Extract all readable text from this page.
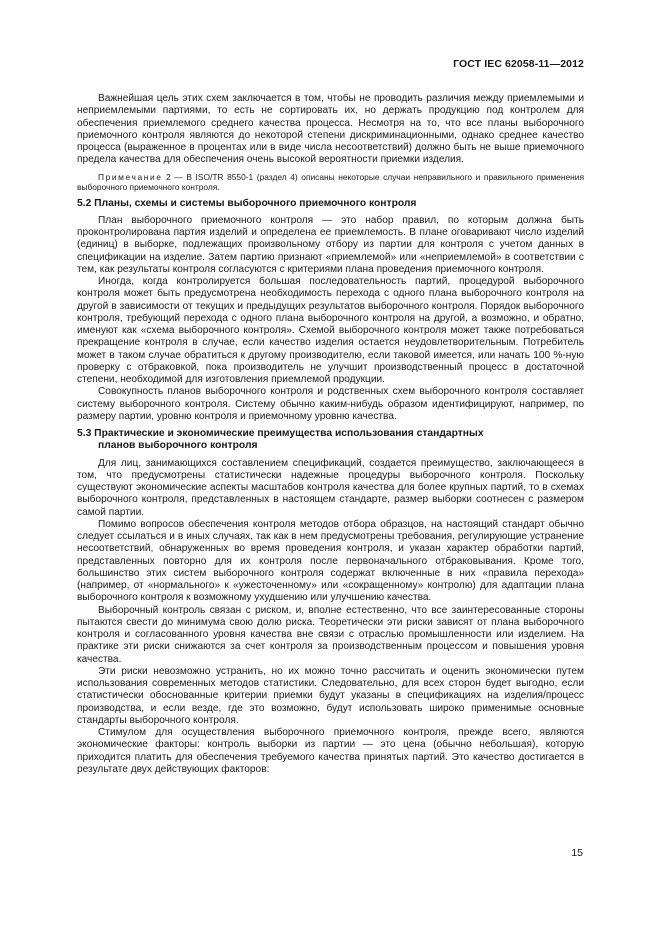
ГОСТ IEC 62058-11—2012

Важнейшая цель этих схем заключается в том, чтобы не проводить различия между приемлемыми и неприемлемыми партиями, то есть не сортировать их, но держать продукцию под контролем для обеспечения приемлемого среднего качества процесса. Несмотря на то, что все планы выборочного приемочного контроля являются до некоторой степени дискриминационными, однако среднее качество процесса (выраженное в процентах или в виде числа несоответствий) должно быть не выше приемочного предела качества для обеспечения очень высокой вероятности приемки изделия.

Примечание 2 — В ISO/TR 8550-1 (раздел 4) описаны некоторые случаи неправильного и правильного применения выборочного приемочного контроля.

5.2 Планы, схемы и системы выборочного приемочного контроля

План выборочного приемочного контроля — это набор правил, по которым должна быть проконтролирована партия изделий и определена ее приемлемость. В плане оговаривают число изделий (единиц) в выборке, подлежащих произвольному отбору из партии для контроля с учетом данных в спецификации на изделие. Затем партию признают «приемлемой» или «неприемлемой» в соответствии с тем, как результаты контроля согласуются с критериями плана проведения приемочного контроля.

Иногда, когда контролируется большая последовательность партий, процедурой выборочного контроля может быть предусмотрена необходимость перехода с одного плана выборочного контроля на другой в зависимости от текущих и предыдущих результатов выборочного контроля. Порядок выборочного контроля, требующий перехода с одного плана выборочного контроля на другой, а возможно, и обратно, именуют как «схема выборочного контроля». Схемой выборочного контроля может также потребоваться прекращение контроля в случае, если качество изделия остается неудовлетворительным. Потребитель может в таком случае обратиться к другому производителю, если таковой имеется, или начать 100 %-ную проверку с отбраковкой, пока производитель не улучшит производственный процесс в достаточной степени, необходимой для изготовления приемлемой продукции.

Совокупность планов выборочного контроля и родственных схем выборочного контроля составляет систему выборочного контроля. Систему обычно каким-нибудь образом идентифицируют, например, по размеру партии, уровню контроля и приемочному уровню качества.

5.3 Практические и экономические преимущества использования стандартных
планов выборочного контроля

Для лиц, занимающихся составлением спецификаций, создается преимущество, заключающееся в том, что предусмотрены статистически надежные процедуры выборочного контроля. Поскольку существуют экономические аспекты масштабов контроля качества для более крупных партий, то в схемах выборочного контроля, представленных в настоящем стандарте, размер выборки соотнесен с размером самой партии.

Помимо вопросов обеспечения контроля методов отбора образцов, на настоящий стандарт обычно следует ссылаться и в иных случаях, так как в нем предусмотрены требования, регулирующие устранение несоответствий, обнаруженных во время проведения контроля, и указан характер обработки партий, представленных повторно для их контроля после первоначального отбраковывания. Кроме того, большинство этих систем выборочного контроля содержат включенные в них «правила перехода» (например, от «нормального» к «ужесточенному» или «сокращенному» контролю) для адаптации плана выборочного контроля к возможному ухудшению или улучшению качества.

Выборочный контроль связан с риском, и, вполне естественно, что все заинтересованные стороны пытаются свести до минимума свою долю риска. Теоретически эти риски зависят от плана выборочного контроля и согласованного уровня качества вне связи с отраслью промышленности или изделием. На практике эти риски снижаются за счет контроля за производственным процессом и повышения уровня качества.

Эти риски невозможно устранить, но их можно точно рассчитать и оценить экономически путем использования современных методов статистики. Следовательно, для всех сторон будет выгодно, если статистически обоснованные критерии приемки будут указаны в спецификациях на изделия/процесс производства, и если везде, где это возможно, будут использовать широко применимые основные стандарты выборочного контроля.

Стимулом для осуществления выборочного приемочного контроля, прежде всего, являются экономические факторы: контроль выборки из партии — это цена (обычно небольшая), которую приходится платить для обеспечения требуемого качества принятых партий. Это качество достигается в результате двух действующих факторов:

15
